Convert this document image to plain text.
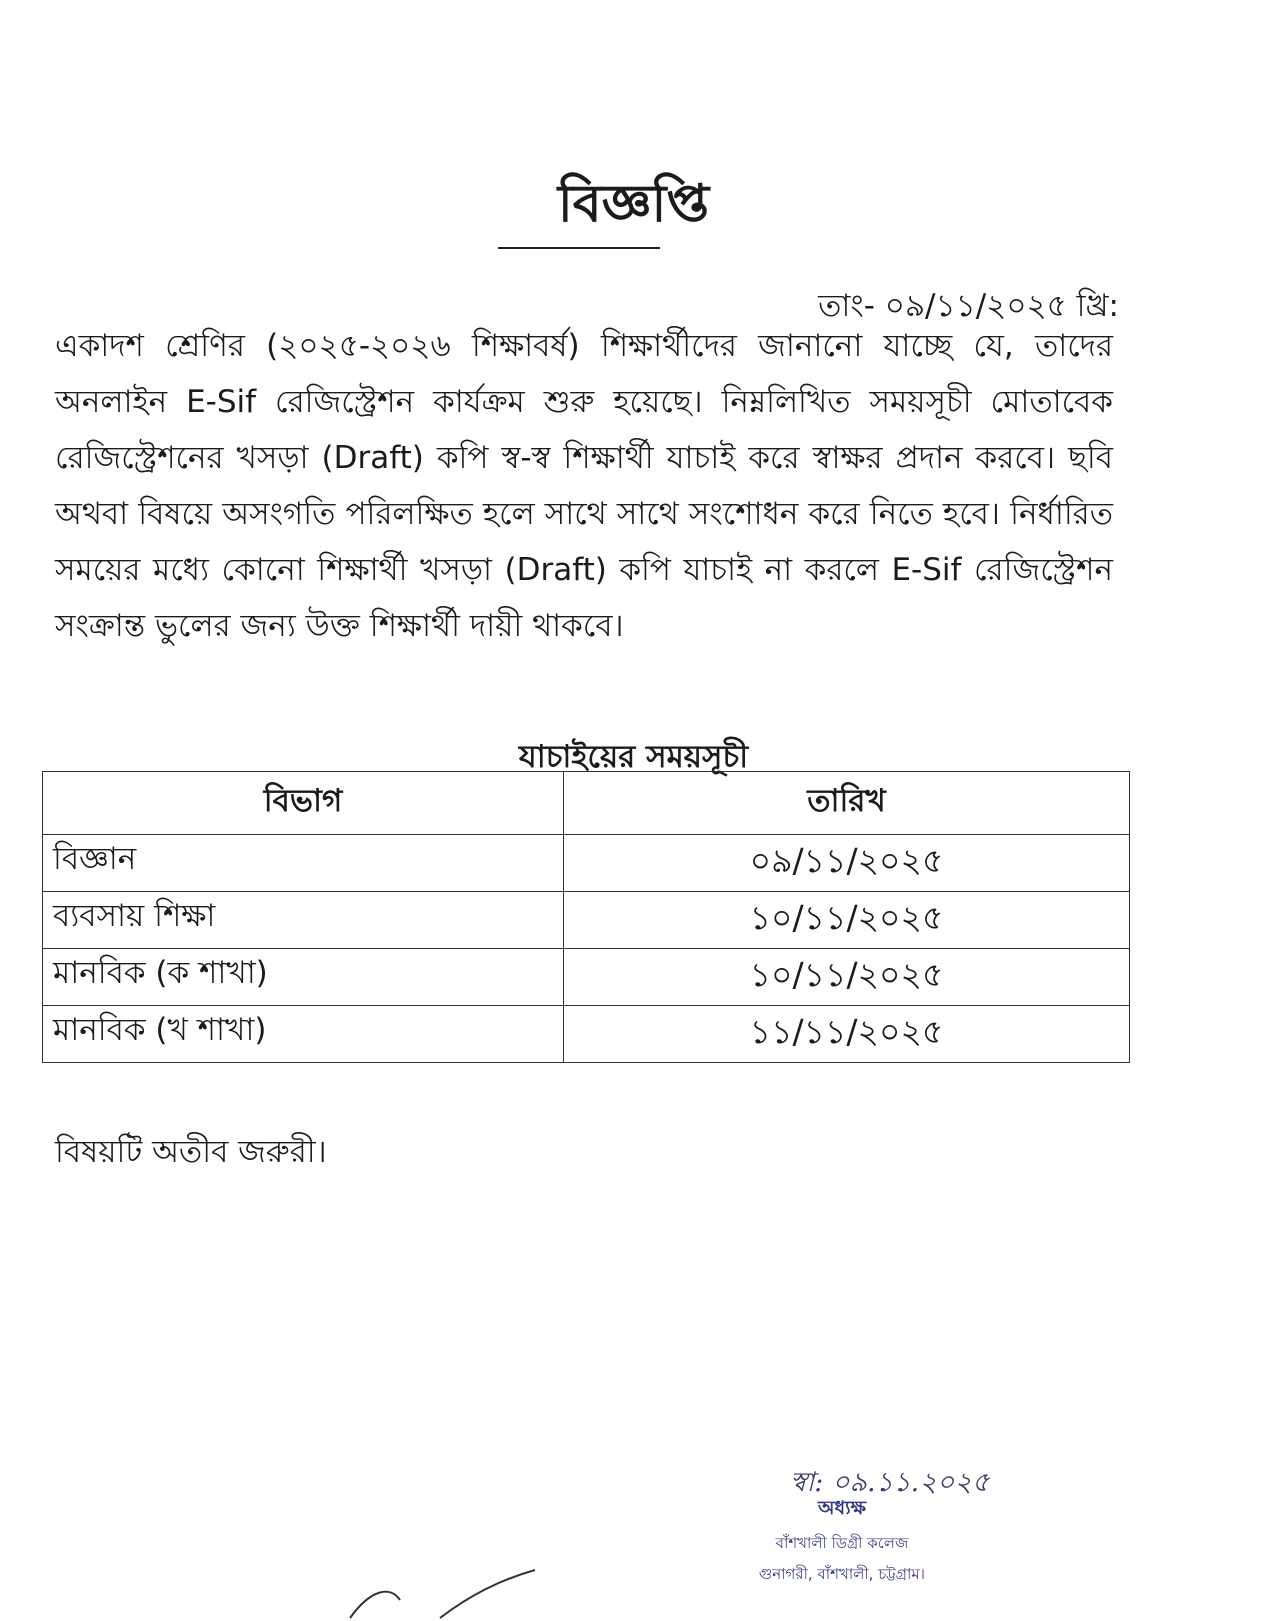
বিজ্ঞপ্তি
তাং- ০৯/১১/২০২৫ খ্রি:
একাদশ শ্রেণির (২০২৫-২০২৬ শিক্ষাবর্ষ) শিক্ষার্থীদের জানানো যাচ্ছে যে, তাদের অনলাইন E-Sif রেজিস্ট্রেশন কার্যক্রম শুরু হয়েছে। নিম্নলিখিত সময়সূচী মোতাবেক রেজিস্ট্রেশনের খসড়া (Draft) কপি স্ব-স্ব শিক্ষার্থী যাচাই করে স্বাক্ষর প্রদান করবে। ছবি অথবা বিষয়ে অসংগতি পরিলক্ষিত হলে সাথে সাথে সংশোধন করে নিতে হবে। নির্ধারিত সময়ের মধ্যে কোনো শিক্ষার্থী খসড়া (Draft) কপি যাচাই না করলে E-Sif রেজিস্ট্রেশন সংক্রান্ত ভুলের জন্য উক্ত শিক্ষার্থী দায়ী থাকবে।
যাচাইয়ের সময়সূচী
বিভাগ	তারিখ
বিজ্ঞান	০৯/১১/২০২৫
ব্যবসায় শিক্ষা	১০/১১/২০২৫
মানবিক (ক শাখা)	১০/১১/২০২৫
মানবিক (খ শাখা)	১১/১১/২০২৫
বিষয়টি অতীব জরুরী।
স্বা: ০৯.১১.২০২৫
অধ্যক্ষ
বাঁশখালী ডিগ্রী কলেজ
গুনাগরী, বাঁশখালী, চট্টগ্রাম।
